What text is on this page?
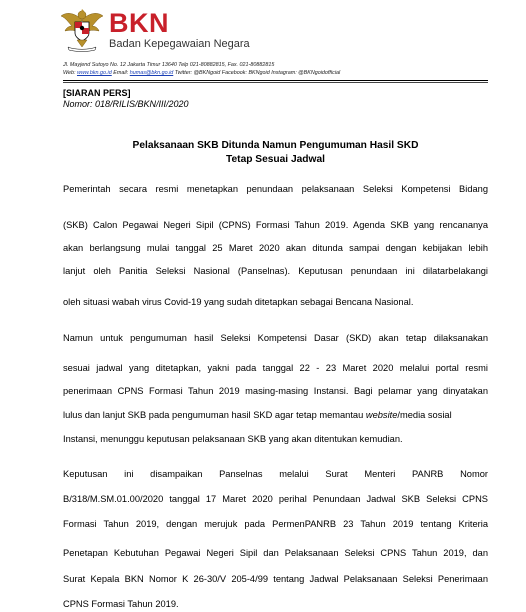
BKN
Badan Kepegawaian Negara
Jl. Mayjend Sutoyo No. 12 Jakarta Timur 13640 Telp 021-80882815, Fax. 021-80882815
Web: www.bkn.go.id Email: humas@bkn.go.id Twitter: @BKNgoid Facebook: BKNgoid Instagram: @BKNgoidofficial
[SIARAN PERS]
Nomor: 018/RILIS/BKN/III/2020
Pelaksanaan SKB Ditunda Namun Pengumuman Hasil SKD
Tetap Sesuai Jadwal
Pemerintah secara resmi menetapkan penundaan pelaksanaan Seleksi Kompetensi Bidang
(SKB) Calon Pegawai Negeri Sipil (CPNS) Formasi Tahun 2019. Agenda SKB yang rencananya
akan berlangsung mulai tanggal 25 Maret 2020 akan ditunda sampai dengan kebijakan lebih
lanjut oleh Panitia Seleksi Nasional (Panselnas). Keputusan penundaan ini dilatarbelakangi
oleh situasi wabah virus Covid-19 yang sudah ditetapkan sebagai Bencana Nasional.
Namun untuk pengumuman hasil Seleksi Kompetensi Dasar (SKD) akan tetap dilaksanakan
sesuai jadwal yang ditetapkan, yakni pada tanggal 22 - 23 Maret 2020 melalui portal resmi
penerimaan CPNS Formasi Tahun 2019 masing-masing Instansi. Bagi pelamar yang dinyatakan
lulus dan lanjut SKB pada pengumuman hasil SKD agar tetap memantau website/media sosial
Instansi, menunggu keputusan pelaksanaan SKB yang akan ditentukan kemudian.
Keputusan ini disampaikan Panselnas melalui Surat Menteri PANRB Nomor
B/318/M.SM.01.00/2020 tanggal 17 Maret 2020 perihal Penundaan Jadwal SKB Seleksi CPNS
Formasi Tahun 2019, dengan merujuk pada PermenPANRB 23 Tahun 2019 tentang Kriteria
Penetapan Kebutuhan Pegawai Negeri Sipil dan Pelaksanaan Seleksi CPNS Tahun 2019, dan
Surat Kepala BKN Nomor K 26-30/V 205-4/99 tentang Jadwal Pelaksanaan Seleksi Penerimaan
CPNS Formasi Tahun 2019.
